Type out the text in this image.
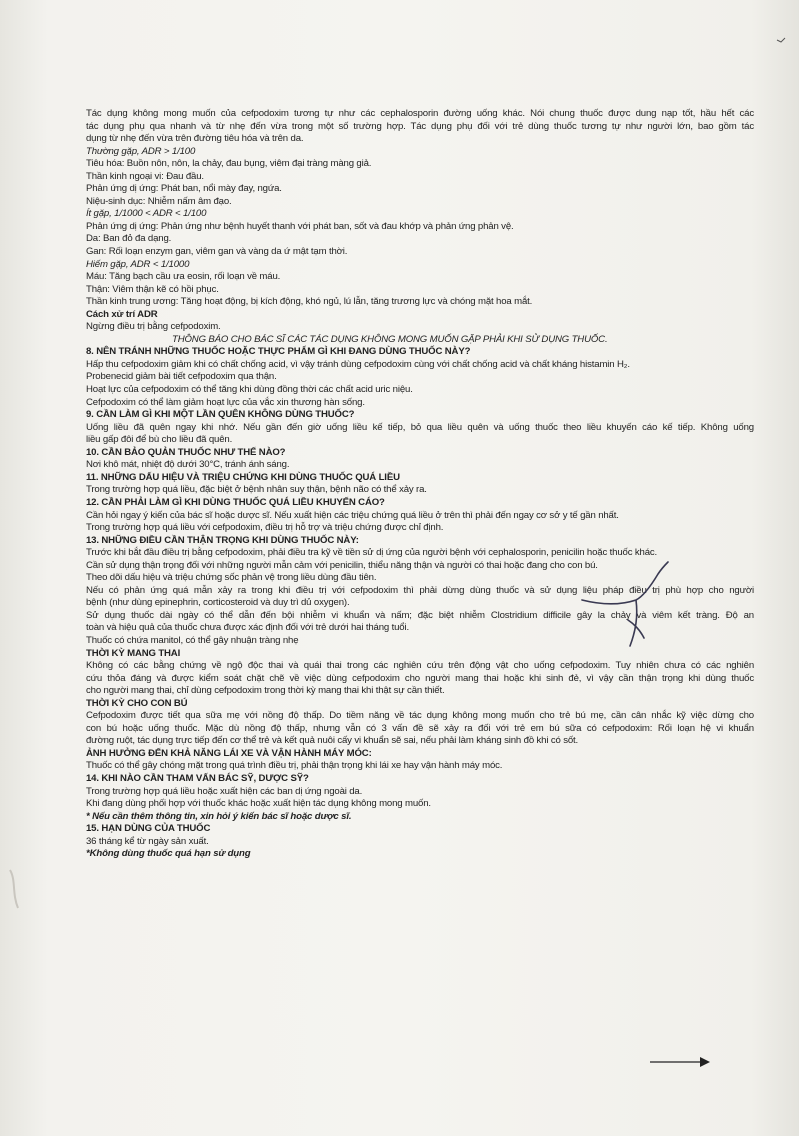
Tác dụng không mong muốn của cefpodoxim tương tự như các cephalosporin đường uống khác. Nói chung thuốc được dung nạp tốt, hầu hết các
tác dụng phụ qua nhanh và từ nhẹ đến vừa trong một số trường hợp. Tác dụng phụ đối với trẻ dùng thuốc tương tự như người lớn, bao gồm tác
dụng từ nhẹ đến vừa trên đường tiêu hóa và trên da.
Thường gặp, ADR > 1/100
Tiêu hóa: Buồn nôn, nôn, la chảy, đau bụng, viêm đại tràng màng giả.
Thần kinh ngoại vi: Đau đầu.
Phản ứng dị ứng: Phát ban, nổi mày đay, ngứa.
Niệu-sinh dục: Nhiễm nấm âm đạo.
Ít gặp, 1/1000 < ADR < 1/100
Phản ứng dị ứng: Phản ứng như bệnh huyết thanh với phát ban, sốt và đau khớp và phản ứng phản vệ.
Da: Ban đỏ đa dạng.
Gan: Rối loạn enzym gan, viêm gan và vàng da ứ mật tạm thời.
Hiếm gặp, ADR < 1/1000
Máu: Tăng bạch cầu ưa eosin, rối loạn về máu.
Thận: Viêm thận kẽ có hồi phục.
Thần kinh trung ương: Tăng hoạt động, bị kích động, khó ngủ, lú lẫn, tăng trương lực và chóng mặt hoa mắt.
Cách xử trí ADR
Ngừng điều trị bằng cefpodoxim.
THÔNG BÁO CHO BÁC SĨ CÁC TÁC DỤNG KHÔNG MONG MUỐN GẶP PHẢI KHI SỬ DỤNG THUỐC.
8. NÊN TRÁNH NHỮNG THUỐC HOẶC THỰC PHẨM GÌ KHI ĐANG DÙNG THUỐC NÀY?
Hấp thu cefpodoxim giảm khi có chất chống acid, vì vậy tránh dùng cefpodoxim cùng với chất chống acid và chất kháng histamin H₂.
Probenecid giảm bài tiết cefpodoxim qua thận.
Hoạt lực của cefpodoxim có thể tăng khi dùng đồng thời các chất acid uric niệu.
Cefpodoxim có thể làm giảm hoạt lực của vắc xin thương hàn sống.
9. CẦN LÀM GÌ KHI MỘT LẦN QUÊN KHÔNG DÙNG THUỐC?
Uống liều đã quên ngay khi nhớ. Nếu gần đến giờ uống liều kế tiếp, bỏ qua liều quên và uống thuốc theo liều khuyến cáo kế tiếp. Không uống
liều gấp đôi để bù cho liều đã quên.
10. CẦN BẢO QUẢN THUỐC NHƯ THẾ NÀO?
Nơi khô mát, nhiệt độ dưới 30°C, tránh ánh sáng.
11. NHỮNG DẤU HIỆU VÀ TRIỆU CHỨNG KHI DÙNG THUỐC QUÁ LIỀU
Trong trường hợp quá liều, đặc biệt ở bệnh nhân suy thận, bệnh não có thể xảy ra.
12. CẦN PHẢI LÀM GÌ KHI DÙNG THUỐC QUÁ LIỀU KHUYẾN CÁO?
Cần hỏi ngay ý kiến của bác sĩ hoặc dược sĩ. Nếu xuất hiện các triệu chứng quá liều ở trên thì phải đến ngay cơ sở y tế gần nhất.
Trong trường hợp quá liều với cefpodoxim, điều trị hỗ trợ và triệu chứng được chỉ định.
13. NHỮNG ĐIỀU CẦN THẬN TRỌNG KHI DÙNG THUỐC NÀY:
Trước khi bắt đầu điều trị bằng cefpodoxim, phải điều tra kỹ về tiền sử dị ứng của người bệnh với cephalosporin, penicilin hoặc thuốc khác.
Cần sử dụng thận trọng đối với những người mẫn cảm với penicilin, thiểu năng thận và người có thai hoặc đang cho con bú.
Theo dõi dấu hiệu và triệu chứng sốc phản vệ trong liều dùng đầu tiên.
Nếu có phản ứng quá mẫn xảy ra trong khi điều trị với cefpodoxim thì phải dừng dùng thuốc và sử dụng liệu pháp điều trị phù hợp cho người
bệnh (như dùng epinephrin, corticosteroid và duy trì dủ oxygen).
Sử dụng thuốc dài ngày có thể dẫn đến bội nhiễm vi khuẩn và nấm; đặc biệt nhiễm Clostridium difficile gây la chảy và viêm kết tràng. Độ an
toàn và hiệu quả của thuốc chưa được xác định đối với trẻ dưới hai tháng tuổi.
Thuốc có chứa manitol, có thể gây nhuận tràng nhẹ
THỜI KỲ MANG THAI
Không có các bằng chứng về ngộ độc thai và quái thai trong các nghiên cứu trên động vật cho uống cefpodoxim. Tuy nhiên chưa có các nghiên
cứu thỏa đáng và được kiểm soát chặt chẽ về việc dùng cefpodoxim cho người mang thai hoặc khi sinh đẻ, vì vậy cần thận trọng khi dùng thuốc
cho người mang thai, chỉ dùng cefpodoxim trong thời kỳ mang thai khi thật sự cần thiết.
THỜI KỲ CHO CON BÚ
Cefpodoxim được tiết qua sữa mẹ với nồng độ thấp. Do tiềm năng về tác dụng không mong muốn cho trẻ bú mẹ, cần cân nhắc kỹ việc dừng cho
con bú hoặc uống thuốc. Mặc dù nồng độ thấp, nhưng vẫn có 3 vấn đề sẽ xảy ra đối với trẻ em bú sữa có cefpodoxim: Rối loạn hệ vi khuẩn
đường ruột, tác dụng trực tiếp đến cơ thể trẻ và kết quả nuôi cấy vi khuẩn sẽ sai, nếu phải làm kháng sinh đồ khi có sốt.
ẢNH HƯỞNG ĐẾN KHẢ NĂNG LÁI XE VÀ VẬN HÀNH MÁY MÓC:
Thuốc có thể gây chóng mặt trong quá trình điều trị, phải thận trọng khi lái xe hay vận hành máy móc.
14. KHI NÀO CẦN THAM VẤN BÁC SỸ, DƯỢC SỸ?
Trong trường hợp quá liều hoặc xuất hiện các ban dị ứng ngoài da.
Khi đang dùng phối hợp với thuốc khác hoặc xuất hiện tác dụng không mong muốn.
* Nếu cần thêm thông tin, xin hỏi ý kiến bác sĩ hoặc dược sĩ.
15. HẠN DÙNG CỦA THUỐC
36 tháng kể từ ngày sản xuất.
*Không dùng thuốc quá hạn sử dụng
